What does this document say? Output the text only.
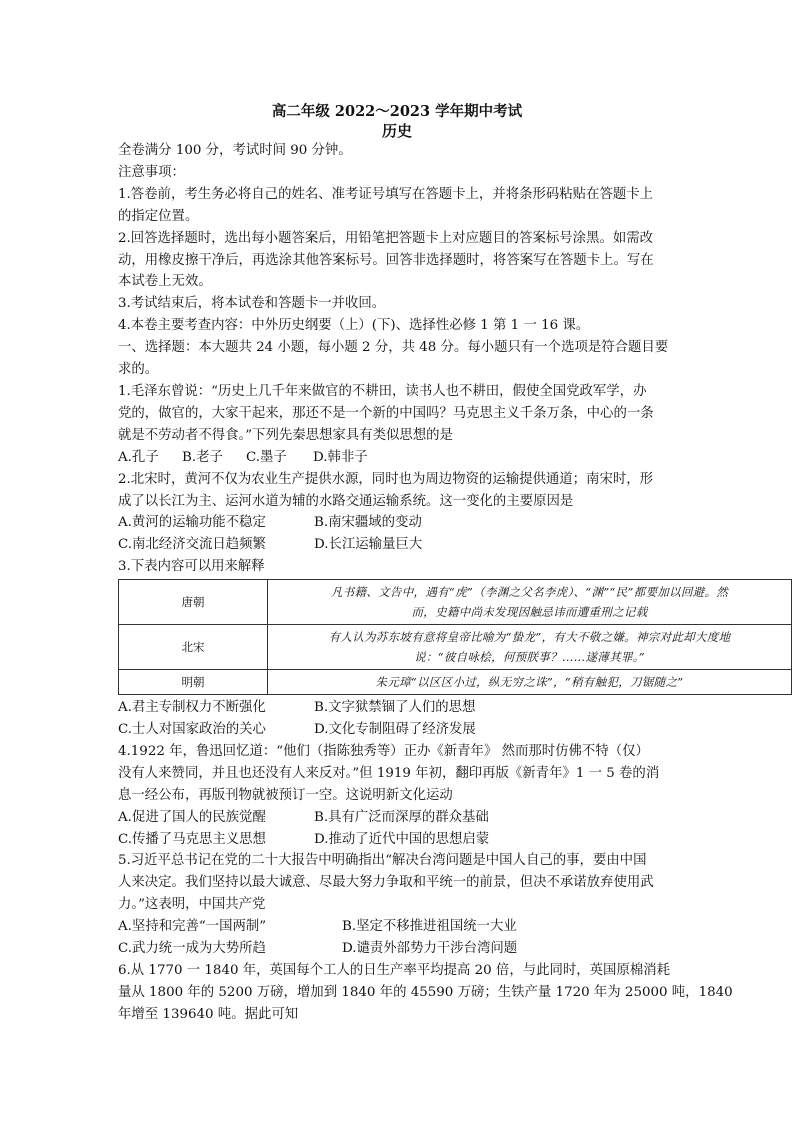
高二年级 2022～2023 学年期中考试
历史

全卷满分 100 分，考试时间 90 分钟。

注意事项：

1.答卷前，考生务必将自己的姓名、准考证号填写在答题卡上，并将条形码粘贴在答题卡上

的指定位置。

2.回答选择题时，选出每小题答案后，用铅笔把答题卡上对应题目的答案标号涂黑。如需改

动，用橡皮擦干净后，再选涂其他答案标号。回答非选择题时，将答案写在答题卡上。写在

本试卷上无效。

3.考试结束后，将本试卷和答题卡一并收回。

4.本卷主要考查内容：中外历史纲要（上）(下)、选择性必修 1 第 1 一 16 课。

一、选择题：本大题共 24 小题，每小题 2 分，共 48 分。每小题只有一个选项是符合题目要

求的。

1.毛泽东曾说：“历史上几千年来做官的不耕田，读书人也不耕田，假使全国党政军学，办

党的，做官的，大家干起来，那还不是一个新的中国吗？马克思主义千条万条，中心的一条

就是不劳动者不得食。”下列先秦思想家具有类似思想的是

A.孔子	B.老子	C.墨子	D.韩非子

2.北宋时，黄河不仅为农业生产提供水源，同时也为周边物资的运输提供通道；南宋时，形

成了以长江为主、运河水道为辅的水路交通运输系统。这一变化的主要原因是

A.黄河的运输功能不稳定	B.南宋疆域的变动
C.南北经济交流日趋频繁	D.长江运输量巨大

3.下表内容可以用来解释

唐朝	凡书籍、文告中，遇有“虎”（李渊之父名李虎）、“渊”“民”都要加以回避。然
而，史籍中尚未发现因触忌讳而遭重刑之记载

北宋	有人认为苏东坡有意将皇帝比喻为“蛰龙”，有大不敬之嫌。神宗对此却大度地
说：“彼自咏桧，何预朕事？……遂薄其罪。”

明朝	朱元璋“以区区小过，纵无穷之诛”，“稍有触犯，刀锯随之”
A.君主专制权力不断强化	B.文字狱禁锢了人们的思想
C.士人对国家政治的关心	D.文化专制阻碍了经济发展

4.1922 年，鲁迅回忆道：“他们（指陈独秀等）正办《新青年》 然而那时仿佛不特（仅）

没有人来赞同，并且也还没有人来反对。”但 1919 年初，翻印再版《新青年》1 一 5 卷的消

息一经公布，再版刊物就被预订一空。这说明新文化运动

A.促进了国人的民族觉醒	B.具有广泛而深厚的群众基础
C.传播了马克思主义思想	D.推动了近代中国的思想启蒙

5.习近平总书记在党的二十大报告中明确指出“解决台湾问题是中国人自己的事，要由中国

人来决定。我们坚持以最大诚意、尽最大努力争取和平统一的前景，但决不承诺放弃使用武

力。”这表明，中国共产党

A.坚持和完善“一国两制”	B.坚定不移推进祖国统一大业
C.武力统一成为大势所趋	D.谴责外部势力干涉台湾问题

6.从 1770 一 1840 年，英国每个工人的日生产率平均提高 20 倍，与此同时，英国原棉消耗

量从 1800 年的 5200 万磅，增加到 1840 年的 45590 万磅；生铁产量 1720 年为 25000 吨，1840

年增至 139640 吨。据此可知
